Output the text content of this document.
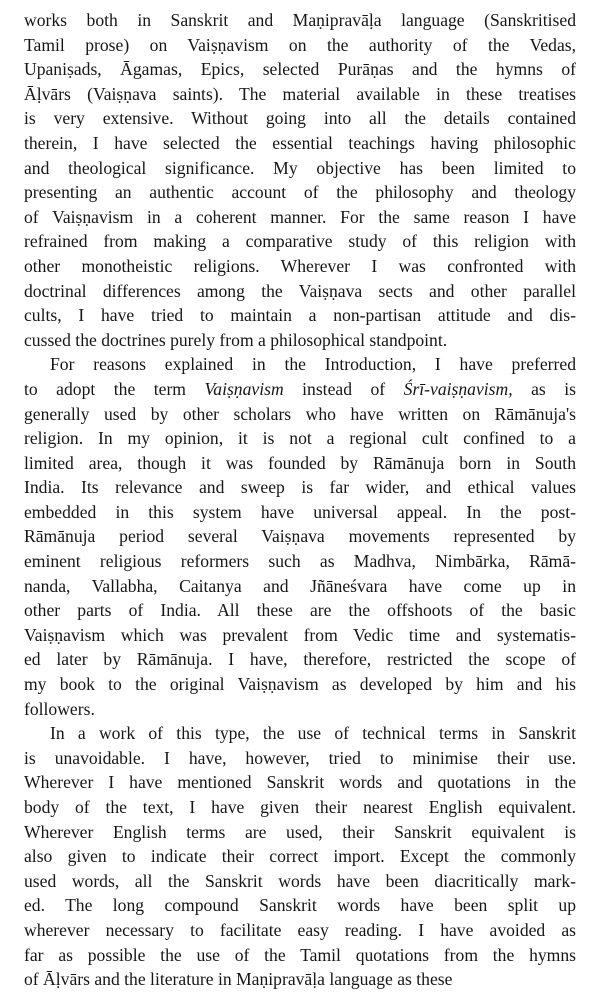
works both in Sanskrit and Maṇipravāḷa language (Sanskritised
Tamil prose) on Vaiṣṇavism on the authority of the Vedas,
Upaniṣads, Āgamas, Epics, selected Purāṇas and the hymns of
Āḷvārs (Vaiṣṇava saints). The material available in these treatises
is very extensive. Without going into all the details contained
therein, I have selected the essential teachings having philosophic
and theological significance. My objective has been limited to
presenting an authentic account of the philosophy and theology
of Vaiṣṇavism in a coherent manner. For the same reason I have
refrained from making a comparative study of this religion with
other monotheistic religions. Wherever I was confronted with
doctrinal differences among the Vaiṣṇava sects and other parallel
cults, I have tried to maintain a non-partisan attitude and dis-
cussed the doctrines purely from a philosophical standpoint.
For reasons explained in the Introduction, I have preferred
to adopt the term Vaiṣṇavism instead of Śrī-vaiṣṇavism, as is
generally used by other scholars who have written on Rāmānuja's
religion. In my opinion, it is not a regional cult confined to a
limited area, though it was founded by Rāmānuja born in South
India. Its relevance and sweep is far wider, and ethical values
embedded in this system have universal appeal. In the post-
Rāmānuja period several Vaiṣṇava movements represented by
eminent religious reformers such as Madhva, Nimbārka, Rāmā-
nanda, Vallabha, Caitanya and Jñāneśvara have come up in
other parts of India. All these are the offshoots of the basic
Vaiṣṇavism which was prevalent from Vedic time and systematis-
ed later by Rāmānuja. I have, therefore, restricted the scope of
my book to the original Vaiṣṇavism as developed by him and his
followers.
In a work of this type, the use of technical terms in Sanskrit
is unavoidable. I have, however, tried to minimise their use.
Wherever I have mentioned Sanskrit words and quotations in the
body of the text, I have given their nearest English equivalent.
Wherever English terms are used, their Sanskrit equivalent is
also given to indicate their correct import. Except the commonly
used words, all the Sanskrit words have been diacritically mark-
ed. The long compound Sanskrit words have been split up
wherever necessary to facilitate easy reading. I have avoided as
far as possible the use of the Tamil quotations from the hymns
of Āḷvārs and the literature in Maṇipravāḷa language as these
